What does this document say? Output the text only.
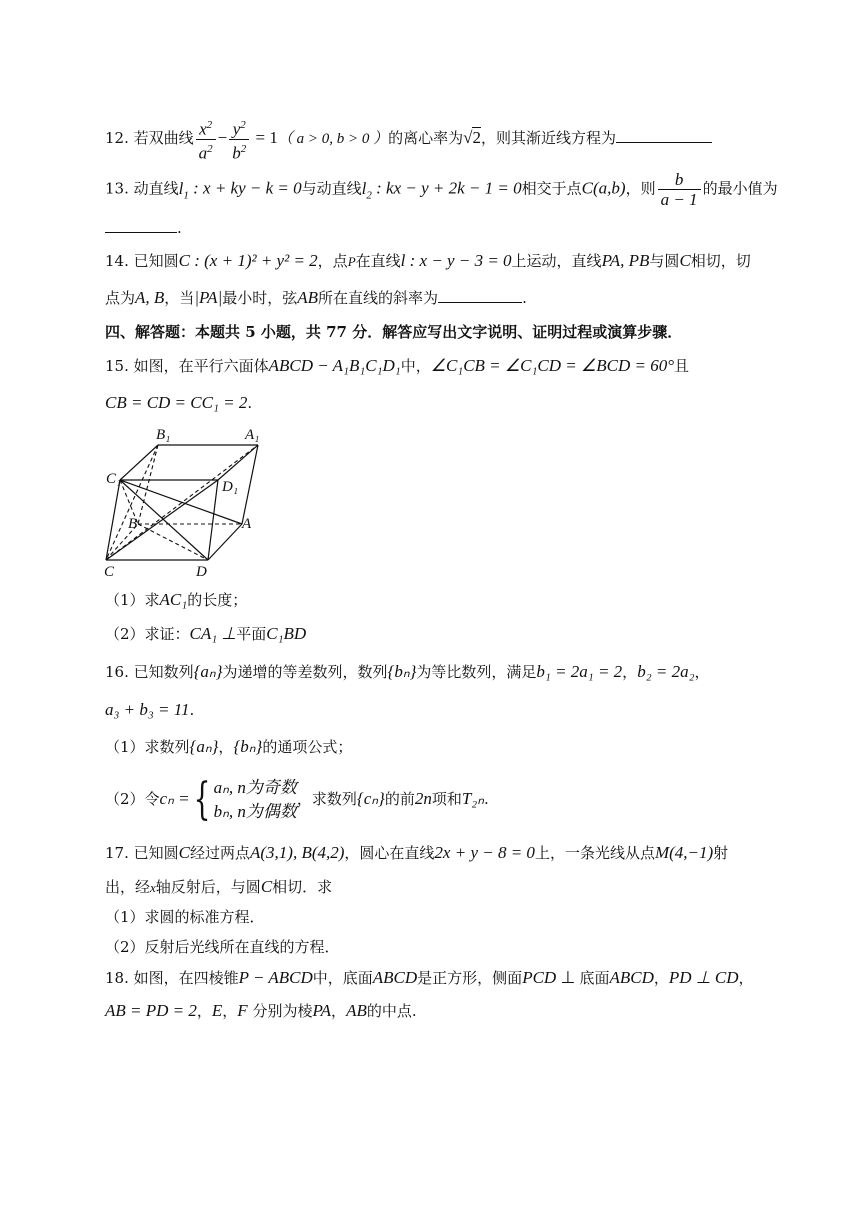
12. 若双曲线 $\frac{x^2}{a^2} - \frac{y^2}{b^2} = 1$（ a > 0, b > 0 ）的离心率为√2，则其渐近线方程为
13. 动直线$l_1$ : x + ky − k = 0与动直线$l_2$ : kx − y + 2k − 1 = 0相交于点C(a,b)，则 $\frac{b}{a - 1}$ 的最小值为
.
14. 已知圆C : (x + 1)² + y² = 2，点P在直线l : x − y − 3 = 0上运动，直线PA, PB与圆C相切，切
点为A, B，当|PA|最小时，弦AB所在直线的斜率为	.
四、解答题：本题共 5 小题，共 77 分．解答应写出文字说明、证明过程或演算步骤．
15. 如图，在平行六面体ABCD − A₁B₁C₁D₁中，∠C₁CB = ∠C₁CD = ∠BCD = 60°且
CB = CD = CC₁ = 2.
B₁	A₁
C₁	D₁
B	A
C	D
（1）求AC₁的长度；
（2）求证：CA₁ ⊥平面C₁BD
16. 已知数列{aₙ}为递增的等差数列，数列{bₙ}为等比数列，满足b₁ = 2a₁ = 2，b₂ = 2a₂，
a₃ + b₃ = 11.
（1）求数列{aₙ}，{bₙ}的通项公式；
（2）令cₙ ={ aₙ, n为奇数
bₙ, n为偶数
，求数列{cₙ}的前2n项和T₂ₙ.
17. 已知圆C经过两点A(3,1), B(4,2)，圆心在直线2x + y − 8 = 0上，一条光线从点M(4,−1)射
出，经x轴反射后，与圆C相切．求
（1）求圆的标准方程．
（2）反射后光线所在直线的方程．
18. 如图，在四棱锥P − ABCD中，底面ABCD是正方形，侧面PCD ⊥ 底面ABCD，PD ⊥ CD，
AB = PD = 2，E，F 分别为棱PA，AB的中点.
